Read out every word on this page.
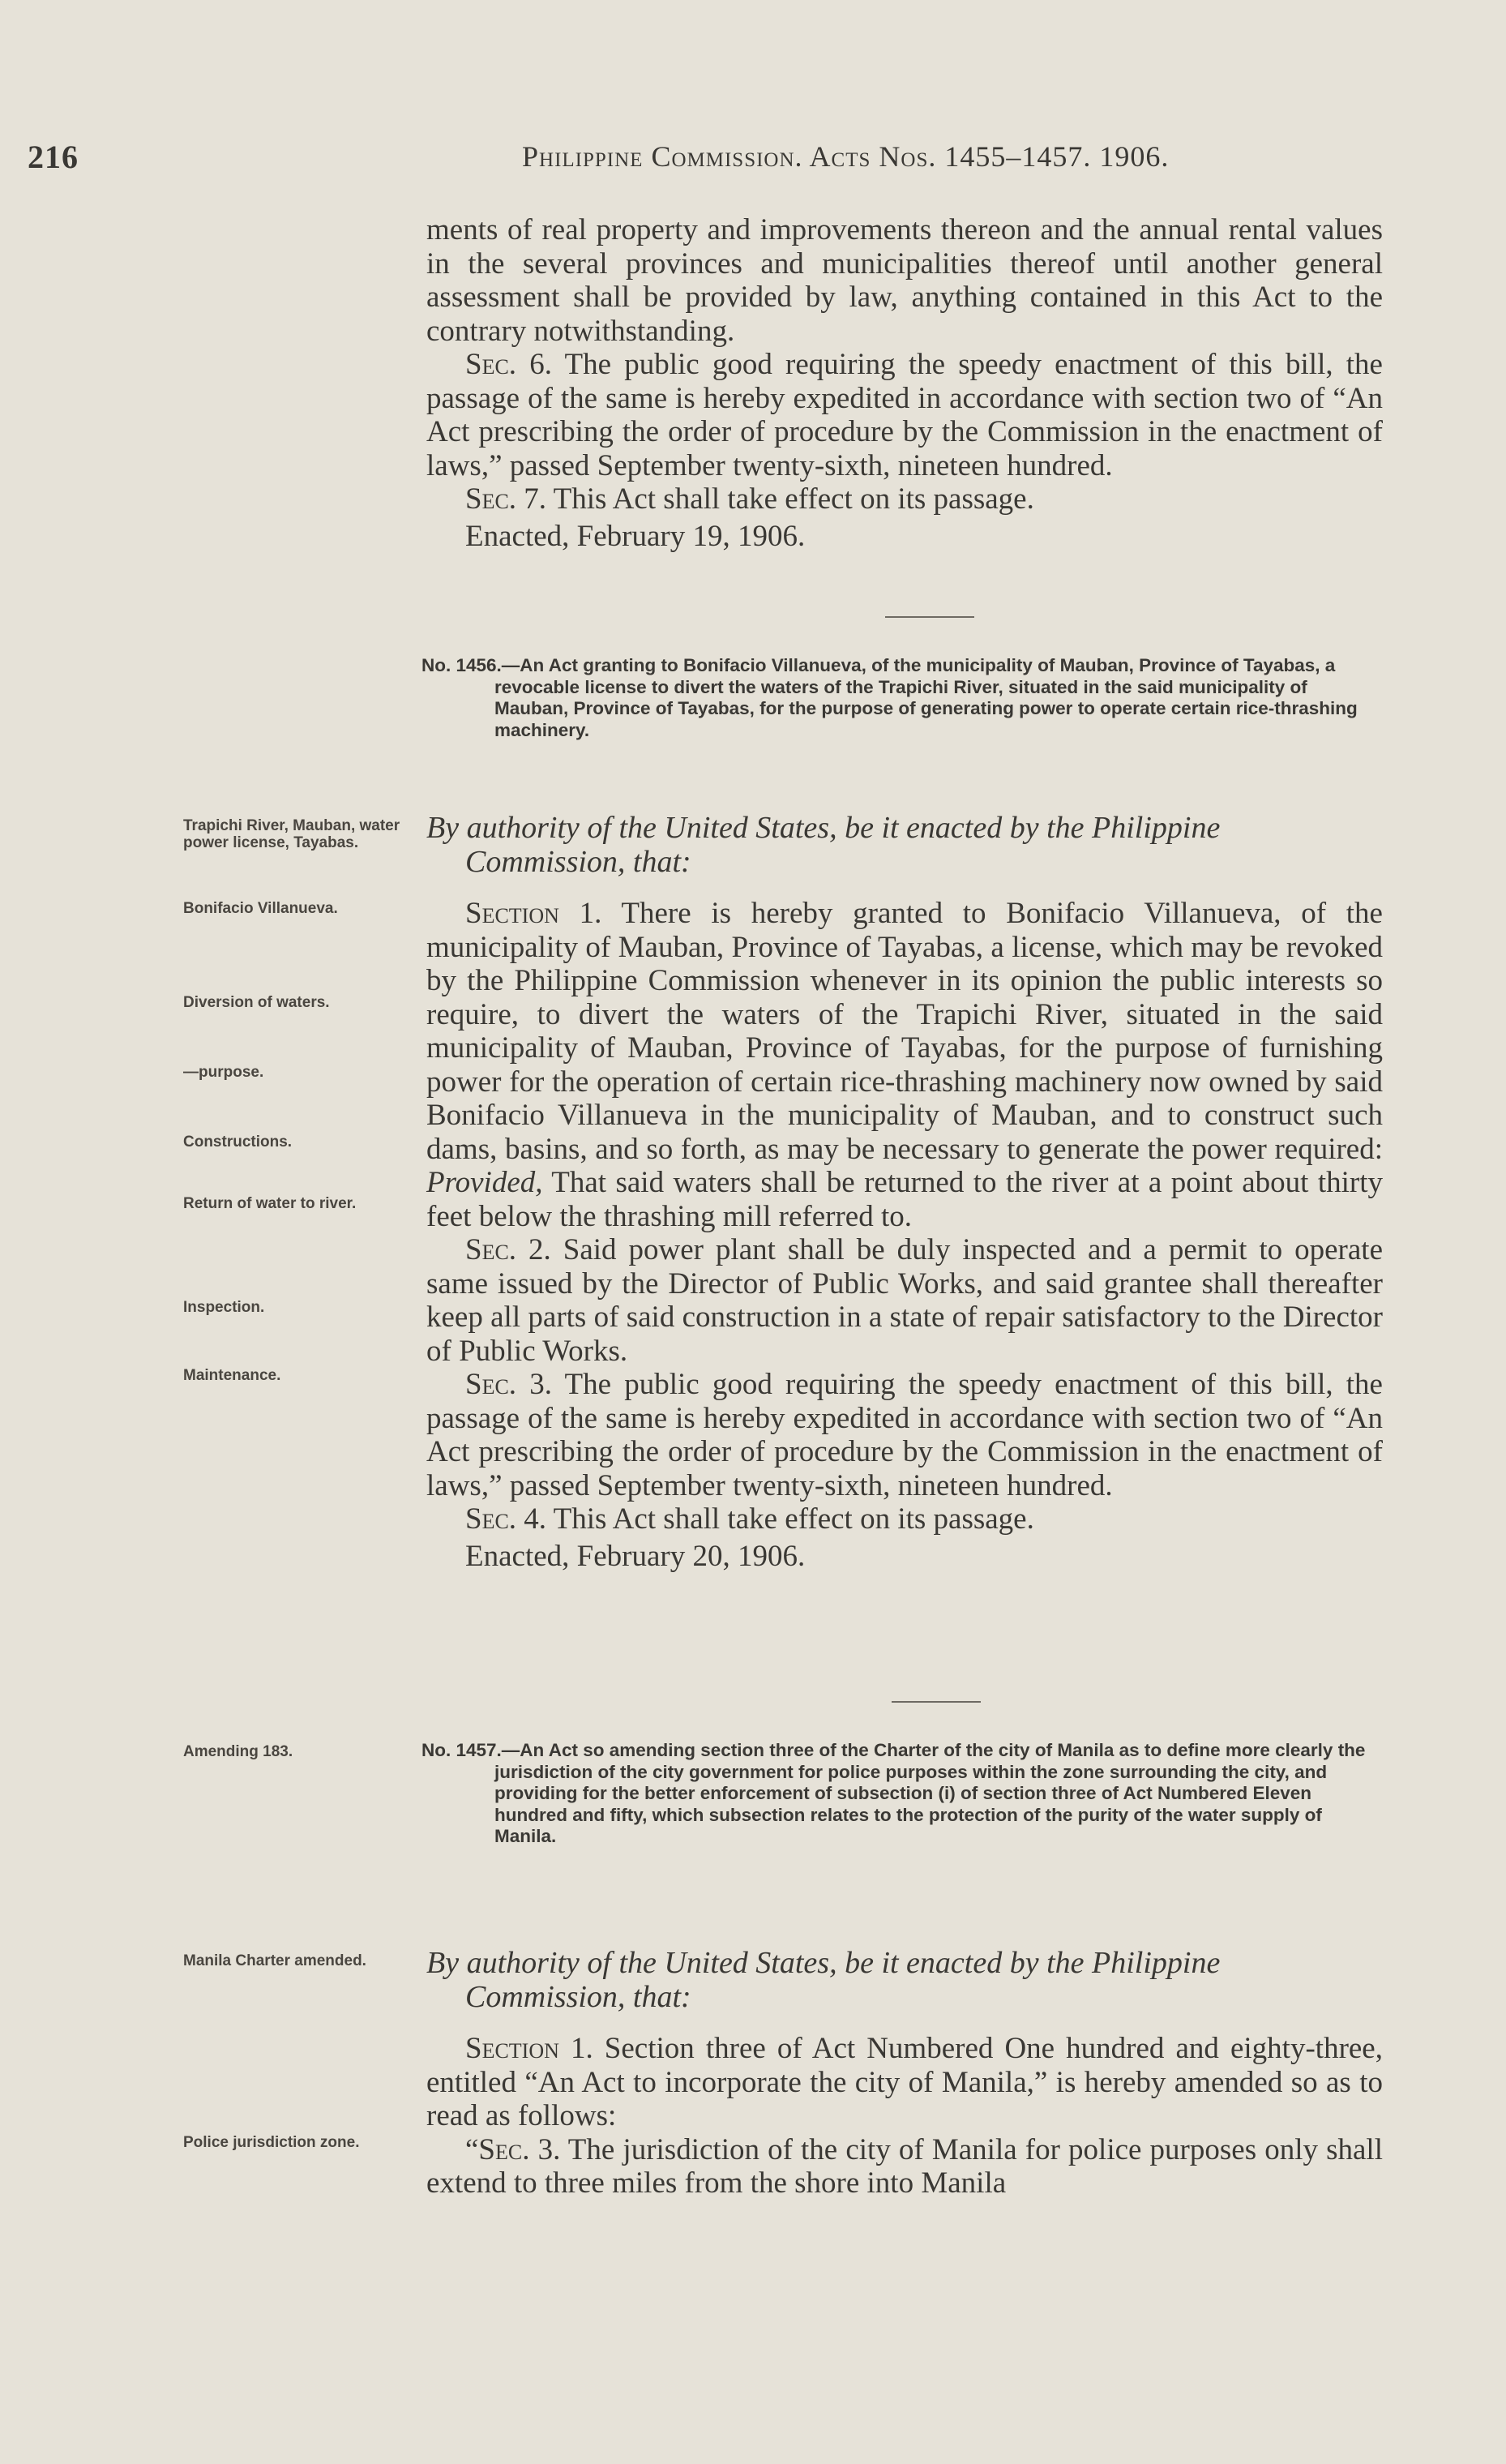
216	Philippine Commission. Acts Nos. 1455–1457. 1906.

ments of real property and improvements thereon and the annual rental values in the several provinces and municipalities thereof until another general assessment shall be provided by law, anything contained in this Act to the contrary notwithstanding.

Sec. 6. The public good requiring the speedy enactment of this bill, the passage of the same is hereby expedited in accordance with section two of “An Act prescribing the order of procedure by the Commission in the enactment of laws,” passed September twenty-sixth, nineteen hundred.

Sec. 7. This Act shall take effect on its passage.

Enacted, February 19, 1906.

No. 1456.—An Act granting to Bonifacio Villanueva, of the municipality of Mauban, Province of Tayabas, a revocable license to divert the waters of the Trapichi River, situated in the said municipality of Mauban, Province of Tayabas, for the purpose of generating power to operate certain rice-thrashing machinery.

By authority of the United States, be it enacted by the Philippine Commission, that:

Section 1. There is hereby granted to Bonifacio Villanueva, of the municipality of Mauban, Province of Tayabas, a license, which may be revoked by the Philippine Commission whenever in its opinion the public interests so require, to divert the waters of the Trapichi River, situated in the said municipality of Mauban, Province of Tayabas, for the purpose of furnishing power for the operation of certain rice-thrashing machinery now owned by said Bonifacio Villanueva in the municipality of Mauban, and to construct such dams, basins, and so forth, as may be necessary to generate the power required: Provided, That said waters shall be returned to the river at a point about thirty feet below the thrashing mill referred to.

Sec. 2. Said power plant shall be duly inspected and a permit to operate same issued by the Director of Public Works, and said grantee shall thereafter keep all parts of said construction in a state of repair satisfactory to the Director of Public Works.

Sec. 3. The public good requiring the speedy enactment of this bill, the passage of the same is hereby expedited in accordance with section two of “An Act prescribing the order of procedure by the Commission in the enactment of laws,” passed September twenty-sixth, nineteen hundred.

Sec. 4. This Act shall take effect on its passage.

Enacted, February 20, 1906.

Trapichi River, Mauban, water power license, Tayabas.
Bonifacio Villanueva.
Diversion of waters.
—purpose.
Constructions.
Return of water to river.
Inspection.
Maintenance.

No. 1457.—An Act so amending section three of the Charter of the city of Manila as to define more clearly the jurisdiction of the city government for police purposes within the zone surrounding the city, and providing for the better enforcement of subsection (i) of section three of Act Numbered Eleven hundred and fifty, which subsection relates to the protection of the purity of the water supply of Manila.

By authority of the United States, be it enacted by the Philippine Commission, that:

Section 1. Section three of Act Numbered One hundred and eighty-three, entitled “An Act to incorporate the city of Manila,” is hereby amended so as to read as follows:

“Sec. 3. The jurisdiction of the city of Manila for police purposes only shall extend to three miles from the shore into Manila

Amending 183.
Manila Charter amended.
Police jurisdiction zone.
